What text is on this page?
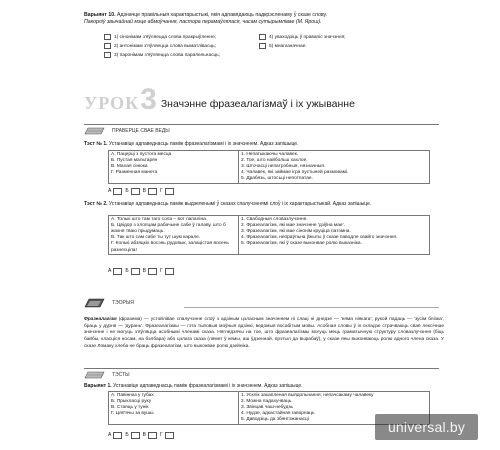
Варыянт 10. Адзначце правільныя характарыстыкі, якія адпавядаюць падкрэсленаму ў сказе слову.
Пакорліў звычайнай мэце абмоўчання, пастора перамаўлялася, часам сутырымлівае (М. Ярош).
1) сінонімам з'яўляецца слова пракрыўленне;
2) антонімам з'яўляецца слова выматлівасць;
3) паронімам з'яўляецца слова паралельнасць;
4) уваходзіць ў правапіс значэння;
5) мнагазначнае.
УРОК 3 Значэнне фразеалагізмаў і іх ужыванне
ПРАВЕРЦЕ СВАЕ ВЕДЫ
Тэст № 1. Устанавіце адпаведнасць паміж фразеалагізмамі і іх значэннем. Адказ запішыце.
А. Пацерці з пустога месца
Б. Пустая мальтарян
В. Малая сінюка
Г. Разменная манета

1. Непатыкаючы чалавек.
2. Тое, што найбольш хахлое.
3. Шточасці непатрэбныя, нязначныя.
4. Чалавек, які займае ігра пустыней размовамі.
5. Драбязь, штосьці непотпатае.
А	Б	В	Г
Тэст № 2. Устанавіце адпаведнасць паміж выдзеленымі ў сказах спалучэннямі слоў і іх характарыстыкай. Адказ запішыце.
А. Толькі што там таго сола – вот папаліна.
Б. Цвідор з хлопцам рабачыне сабе ў галаву, што б жахня тваю прыдумаць.
В. Так што сам сабе ты тут шум карале.
Г. Колькі абзяцкіх восэнь рудовык, залацістая восень разнесціла!

1. Свабодныя словазлучэнне.
2. Фразеалагізм, які мае значэнне 'дзіўна мае'.
3. Фразеалагізм, які мае сінонім круціца патэмна.
4. Фразеалагізм, непраўльна ўжыты ў сказе паводле свайго значэння.
5. Фразеалагізм, які ў сказе выконвае ролю выказніка.
А	Б	В	Г
ТЭОРЫЯ
Фразеалагізм (фразема) — устойлівае спалучэнне слоў з адзіным цэласным значэннем ні слаці ні днедзе — 'няма ніякага'; рукой падаць — 'зусім блізка', браць у дурня — 'дурань'. Фразеалагізмы — гэта тыповыя моўныя адзінкі, ведомыя восабітым мовы. Асобная словы ў іх складзе страчваюць сваё лексічнае значэнне і не могуць з'яўляцца асобнымі членамі сказа. Нягледзячы на тое, што фразеалагізмы могуць мець граматычную структуру словазлучэння (біць байбы, класціся носам, на бэлбара) або цэлага сказа (лямет ў кемы, аш ўдзеннай, прэтыл да вырабаў), у сказе яны выконваюць ролю адного члена сказа. У сказе Ломаку хлеба не браць фразеалагізм, што выконвае ролю дзейніка.
ТЭСТЫ
Варыянт 1. Устанавіце адпаведнасць паміж фразеалагізмамі і іх значэннем. Адказ запішыце.
А. Павінназ у губах
Б. Прыкласці руку
В. Стаяць у тунік
Г. Цяп'ячы за вушы

1. Усклік захапленая выядольнання, непачсакаму чалавеку
2. Можна падахучваць.
3. Звінцав чаш-небудзь
4. Нудзе, адкастайная гаворнаць
5. Даводзіць да збянтэжанасці
А	Б	В	Г
universal.by
